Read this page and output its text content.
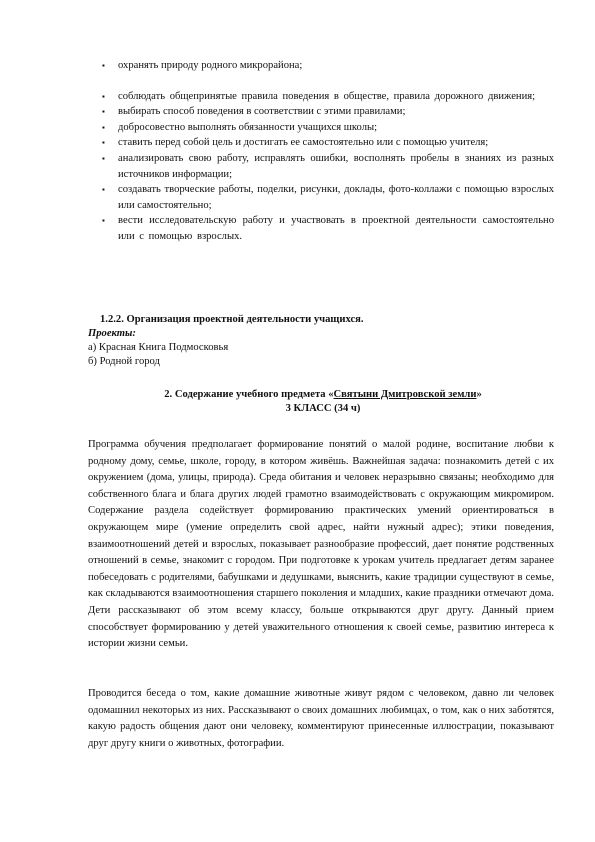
▪ охранять природу родного микрорайона;
▪ соблюдать общепринятые правила поведения в обществе, правила дорожного движения;
▪ выбирать способ поведения в соответствии с этими правилами;
▪ добросовестно выполнять обязанности учащихся школы;
▪ ставить перед собой цель и достигать ее самостоятельно или с помощью учителя;
▪ анализировать свою работу, исправлять ошибки, восполнять пробелы в знаниях из разных источников информации;
▪ создавать творческие работы, поделки, рисунки, доклады, фото-коллажи с помощью взрослых или самостоятельно;
▪ вести исследовательскую работу и участвовать в проектной деятельности самостоятельно или с помощью взрослых.
1.2.2. Организация проектной деятельности учащихся.
Проекты:
а) Красная Книга Подмосковья
б) Родной город
2. Содержание учебного предмета «Святыни Дмитровской земли»
3 КЛАСС (34 ч)

Программа обучения предполагает формирование понятий о малой родине, воспитание любви к родному дому, семье, школе, городу, в котором живёшь. Важнейшая задача: познакомить детей с их окружением (дома, улицы, природа). Среда обитания и человек неразрывно связаны; необходимо для собственного блага и блага других людей грамотно взаимодействовать с окружающим микромиром. Содержание раздела содействует формированию практических умений ориентироваться в окружающем мире (умение определить свой адрес, найти нужный адрес); этики поведения, взаимоотношений детей и взрослых, показывает разнообразие профессий, дает понятие родственных отношений в семье, знакомит с городом. При подготовке к урокам учитель предлагает детям заранее побеседовать с родителями, бабушками и дедушками, выяснить, какие традиции существуют в семье, как складываются взаимоотношения старшего поколения и младших, какие праздники отмечают дома. Дети рассказывают об этом всему классу, больше открываются друг другу. Данный прием способствует формированию у детей уважительного отношения к своей семье, развитию интереса к истории жизни семьи.

Проводится беседа о том, какие домашние животные живут рядом с человеком, давно ли человек одомашнил некоторых из них. Рассказывают о своих домашних любимцах, о том, как о них заботятся, какую радость общения дают они человеку, комментируют принесенные иллюстрации, показывают друг другу книги о животных, фотографии.
